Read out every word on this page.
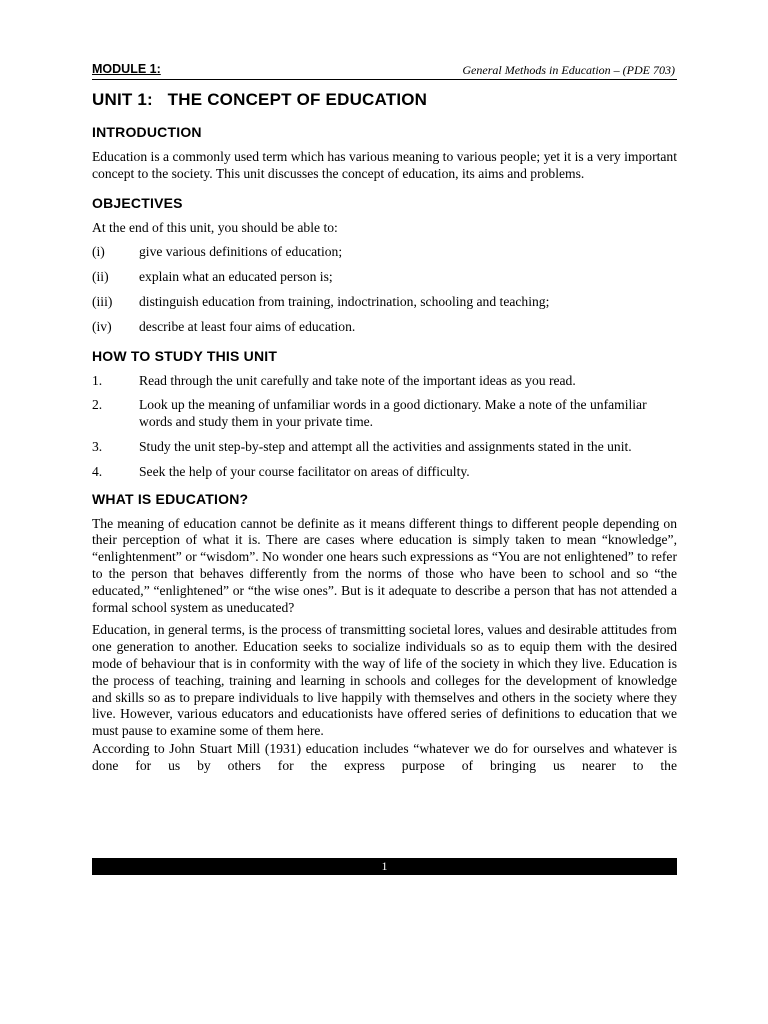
MODULE 1:	General Methods in Education – (PDE 703)
UNIT 1:   THE CONCEPT OF EDUCATION
INTRODUCTION

Education is a commonly used term which has various meaning to various people; yet it is a very important concept to the society. This unit discusses the concept of education, its aims and problems.

OBJECTIVES

At the end of this unit, you should be able to:

(i)	give various definitions of education;
(ii)	explain what an educated person is;
(iii)	distinguish education from training, indoctrination, schooling and teaching;
(iv)	describe at least four aims of education.
HOW TO STUDY THIS UNIT
1.	Read through the unit carefully and take note of the important ideas as you read.
2.	Look up the meaning of unfamiliar words in a good dictionary. Make a note of the unfamiliar words and study them in your private time.
3.	Study the unit step-by-step and attempt all the activities and assignments stated in the unit.
4.	Seek the help of your course facilitator on areas of difficulty.
WHAT IS EDUCATION?

The meaning of education cannot be definite as it means different things to different people depending on their perception of what it is. There are cases where education is simply taken to mean “knowledge”, “enlightenment” or “wisdom”. No wonder one hears such expressions as “You are not enlightened” to refer to the person that behaves differently from the norms of those who have been to school and so “the educated,” “enlightened” or “the wise ones”. But is it adequate to describe a person that has not attended a formal school system as uneducated?

Education, in general terms, is the process of transmitting societal lores, values and desirable attitudes from one generation to another. Education seeks to socialize individuals so as to equip them with the desired mode of behaviour that is in conformity with the way of life of the society in which they live. Education is the process of teaching, training and learning in schools and colleges for the development of knowledge and skills so as to prepare individuals to live happily with themselves and others in the society where they live. However, various educators and educationists have offered series of definitions to education that we must pause to examine some of them here.

According to John Stuart Mill (1931) education includes “whatever we do for ourselves and whatever is done for us by others for the express purpose of bringing us nearer to the

1
